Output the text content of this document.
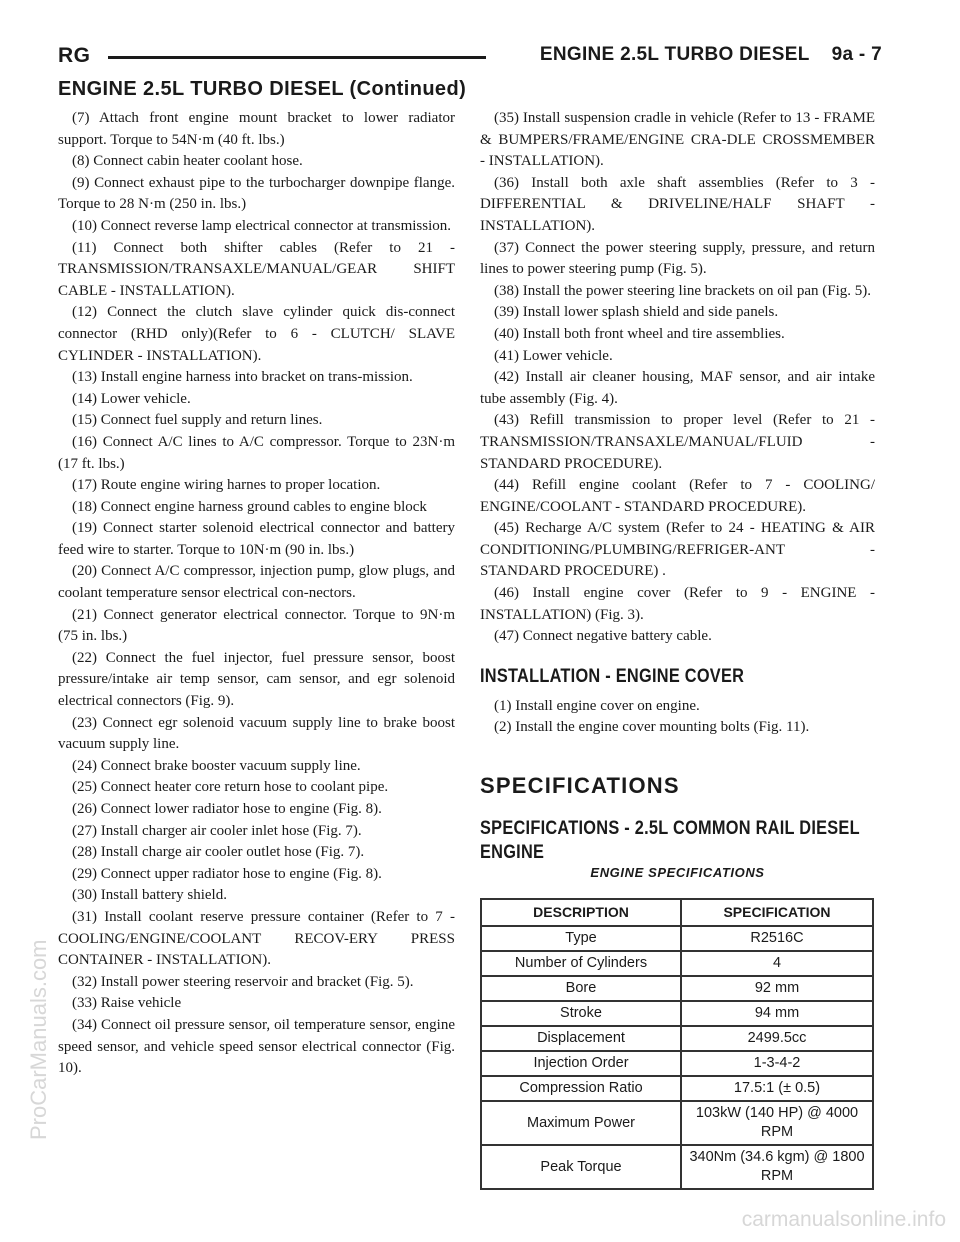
RG	ENGINE 2.5L TURBO DIESEL 9a - 7
ENGINE 2.5L TURBO DIESEL (Continued)

(7) Attach front engine mount bracket to lower radiator support. Torque to 54N·m (40 ft. lbs.)

(8) Connect cabin heater coolant hose.

(9) Connect exhaust pipe to the turbocharger downpipe flange. Torque to 28 N·m (250 in. lbs.)

(10) Connect reverse lamp electrical connector at transmission.

(11) Connect both shifter cables (Refer to 21 - TRANSMISSION/TRANSAXLE/MANUAL/GEAR SHIFT CABLE - INSTALLATION).

(12) Connect the clutch slave cylinder quick dis-connect connector (RHD only)(Refer to 6 - CLUTCH/ SLAVE CYLINDER - INSTALLATION).

(13) Install engine harness into bracket on trans-mission.

(14) Lower vehicle.

(15) Connect fuel supply and return lines.

(16) Connect A/C lines to A/C compressor. Torque to 23N·m (17 ft. lbs.)

(17) Route engine wiring harnes to proper location.

(18) Connect engine harness ground cables to engine block

(19) Connect starter solenoid electrical connector and battery feed wire to starter. Torque to 10N·m (90 in. lbs.)

(20) Connect A/C compressor, injection pump, glow plugs, and coolant temperature sensor electrical con-nectors.

(21) Connect generator electrical connector. Torque to 9N·m (75 in. lbs.)

(22) Connect the fuel injector, fuel pressure sensor, boost pressure/intake air temp sensor, cam sensor, and egr solenoid electrical connectors (Fig. 9).

(23) Connect egr solenoid vacuum supply line to brake boost vacuum supply line.

(24) Connect brake booster vacuum supply line.

(25) Connect heater core return hose to coolant pipe.

(26) Connect lower radiator hose to engine (Fig. 8).

(27) Install charger air cooler inlet hose (Fig. 7).

(28) Install charge air cooler outlet hose (Fig. 7).

(29) Connect upper radiator hose to engine (Fig. 8).

(30) Install battery shield.

(31) Install coolant reserve pressure container (Refer to 7 - COOLING/ENGINE/COOLANT RECOV-ERY PRESS CONTAINER - INSTALLATION).

(32) Install power steering reservoir and bracket (Fig. 5).

(33) Raise vehicle

(34) Connect oil pressure sensor, oil temperature sensor, engine speed sensor, and vehicle speed sensor electrical connector (Fig. 10).

(35) Install suspension cradle in vehicle (Refer to 13 - FRAME & BUMPERS/FRAME/ENGINE CRA-DLE CROSSMEMBER - INSTALLATION).

(36) Install both axle shaft assemblies (Refer to 3 - DIFFERENTIAL & DRIVELINE/HALF SHAFT - INSTALLATION).

(37) Connect the power steering supply, pressure, and return lines to power steering pump (Fig. 5).

(38) Install the power steering line brackets on oil pan (Fig. 5).

(39) Install lower splash shield and side panels.

(40) Install both front wheel and tire assemblies.

(41) Lower vehicle.

(42) Install air cleaner housing, MAF sensor, and air intake tube assembly (Fig. 4).

(43) Refill transmission to proper level (Refer to 21 - TRANSMISSION/TRANSAXLE/MANUAL/FLUID - STANDARD PROCEDURE).

(44) Refill engine coolant (Refer to 7 - COOLING/ ENGINE/COOLANT - STANDARD PROCEDURE).

(45) Recharge A/C system (Refer to 24 - HEATING & AIR CONDITIONING/PLUMBING/REFRIGER-ANT - STANDARD PROCEDURE) .

(46) Install engine cover (Refer to 9 - ENGINE - INSTALLATION) (Fig. 3).

(47) Connect negative battery cable.

INSTALLATION - ENGINE COVER

(1) Install engine cover on engine.

(2) Install the engine cover mounting bolts (Fig. 11).

SPECIFICATIONS
SPECIFICATIONS - 2.5L COMMON RAIL DIESEL ENGINE
ENGINE SPECIFICATIONS
DESCRIPTION	SPECIFICATION
Type	R2516C
Number of Cylinders	4
Bore	92 mm
Stroke	94 mm
Displacement	2499.5cc
Injection Order	1-3-4-2
Compression Ratio	17.5:1 (± 0.5)
Maximum Power	103kW (140 HP) @ 4000 RPM
Peak Torque	340Nm (34.6 kgm) @ 1800 RPM
ProCarManuals.com
carmanualsonline.info
